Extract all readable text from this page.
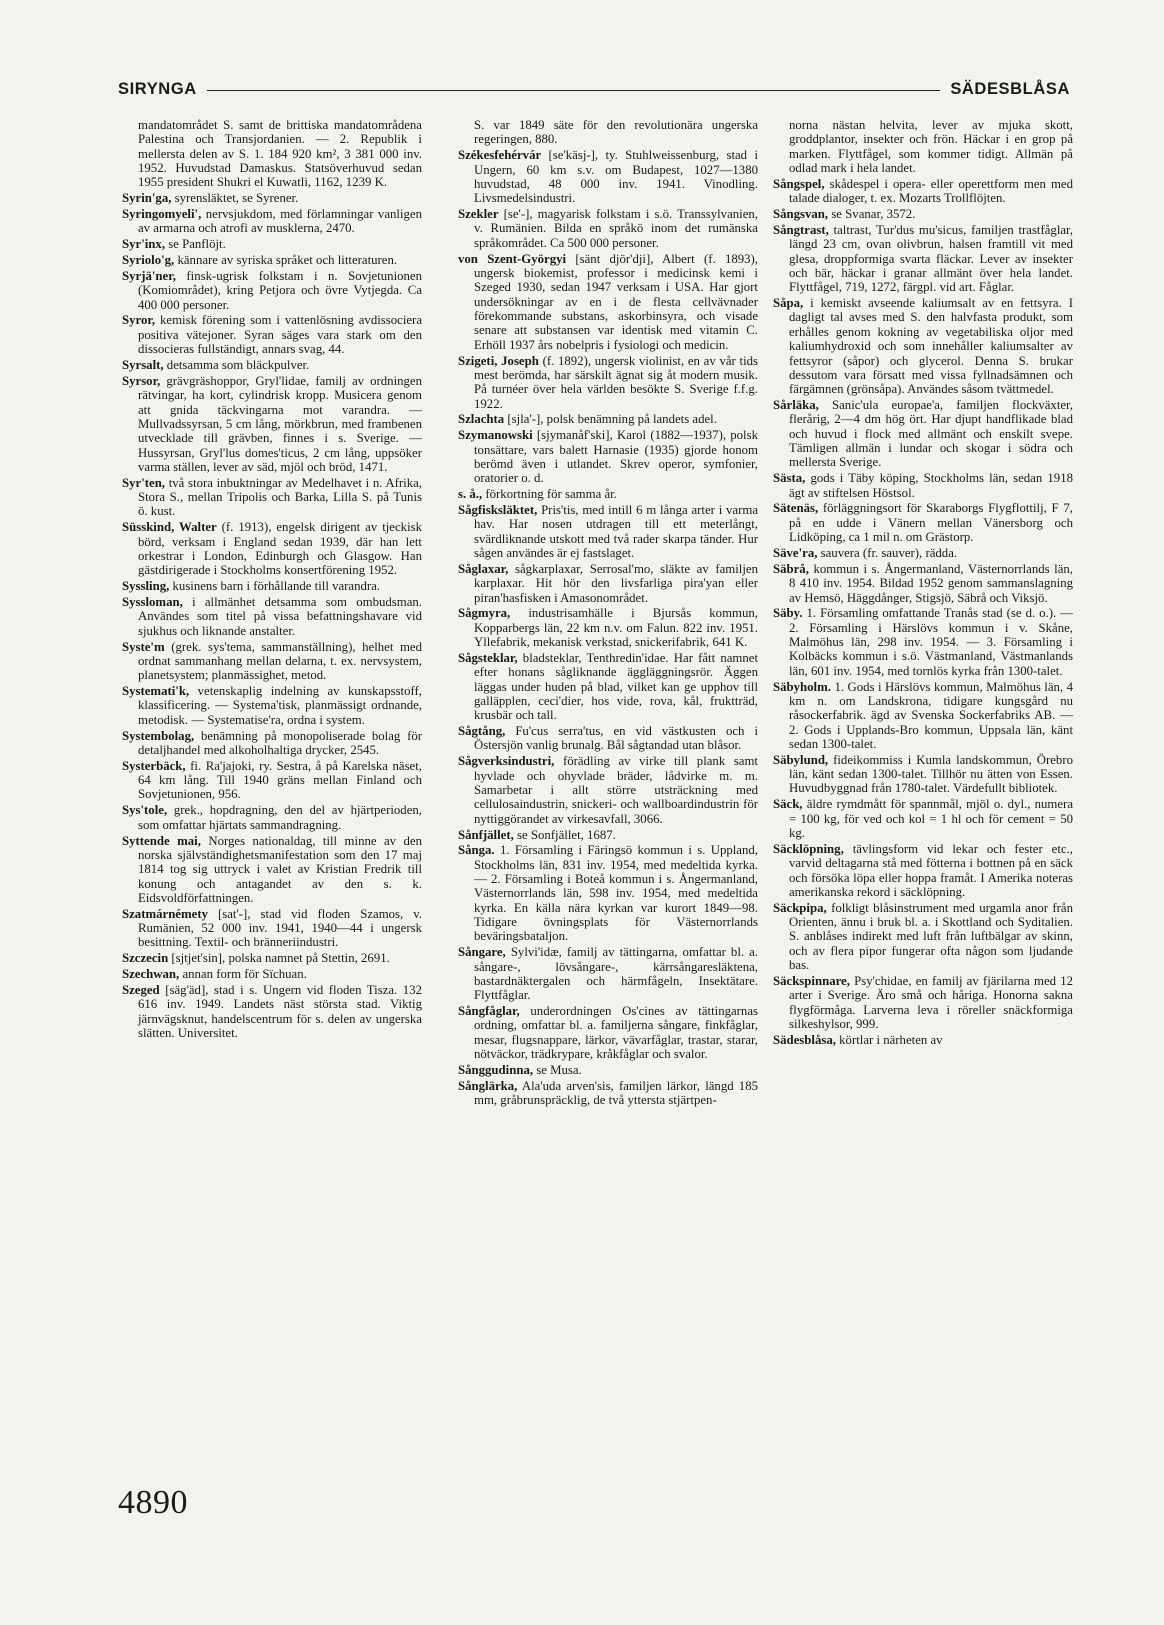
SIRYNGA	SÄDESBLÅSA

mandatområdet S. samt de brittiska mandatområdena Palestina och Transjordanien. — 2. Republik i mellersta delen av S. 1. 184 920 km², 3 381 000 inv. 1952. Huvudstad Damaskus. Statsöverhuvud sedan 1955 president Shukri el Kuwatli, 1162, 1239 K.

Syrin'ga, syrensläktet, se Syrener.

Syringomyeli', nervsjukdom, med förlamningar vanligen av armarna och atrofi av musklerna, 2470.

Syr'inx, se Panflöjt.

Syriolo'g, kännare av syriska språket och litteraturen.

Syrjä'ner, finsk-ugrisk folkstam i n. Sovjetunionen (Komiområdet), kring Petjora och övre Vytjegda. Ca 400 000 personer.

Syror, kemisk förening som i vattenlösning avdissociera positiva vätejoner. Syran säges vara stark om den dissocieras fullständigt, annars svag, 44.

Syrsalt, detsamma som bläckpulver.

Syrsor, grävgräshoppor, Gryl'lidae, familj av ordningen rätvingar, ha kort, cylindrisk kropp. Musicera genom att gnida täckvingarna mot varandra. — Mullvadssyrsan, 5 cm lång, mörkbrun, med frambenen utvecklade till grävben, finnes i s. Sverige. — Hussyrsan, Gryl'lus domes'ticus, 2 cm lång, uppsöker varma ställen, lever av säd, mjöl och bröd, 1471.

Syr'ten, två stora inbuktningar av Medelhavet i n. Afrika, Stora S., mellan Tripolis och Barka, Lilla S. på Tunis ö. kust.

Süsskind, Walter (f. 1913), engelsk dirigent av tjeckisk börd, verksam i England sedan 1939, där han lett orkestrar i London, Edinburgh och Glasgow. Han gästdirigerade i Stockholms konsertförening 1952.

Syssling, kusinens barn i förhållande till varandra.

Syssloman, i allmänhet detsamma som ombudsman. Användes som titel på vissa befattningshavare vid sjukhus och liknande anstalter.

Syste'm (grek. sys'tema, sammanställning), helhet med ordnat sammanhang mellan delarna, t. ex. nervsystem, planetsystem; planmässighet, metod.

Systemati'k, vetenskaplig indelning av kunskapsstoff, klassificering. — Systema'tisk, planmässigt ordnande, metodisk. — Systematise'ra, ordna i system.

Systembolag, benämning på monopoliserade bolag för detaljhandel med alkoholhaltiga drycker, 2545.

Systerbäck, fi. Ra'jajoki, ry. Sestra, å på Karelska näset, 64 km lång. Till 1940 gräns mellan Finland och Sovjetunionen, 956.

Sys'tole, grek., hopdragning, den del av hjärtperioden, som omfattar hjärtats sammandragning.

Syttende mai, Norges nationaldag, till minne av den norska självständighetsmanifestation som den 17 maj 1814 tog sig uttryck i valet av Kristian Fredrik till konung och antagandet av den s. k. Eidsvoldförfattningen.

Szatmárnémety [sat'-], stad vid floden Szamos, v. Rumänien, 52 000 inv. 1941, 1940—44 i ungersk besittning. Textil- och bränneriindustri.

Szczecin [sjtjet'sin], polska namnet på Stettin, 2691.

Szechwan, annan form för Sïchuan.

Szeged [säg'äd], stad i s. Ungern vid floden Tisza. 132 616 inv. 1949. Landets näst största stad. Viktig järnvägsknut, handelscentrum för s. delen av ungerska slätten. Universitet.

S. var 1849 säte för den revolutionära ungerska regeringen, 880.

Székesfehérvár [se'käsj-], ty. Stuhlweissenburg, stad i Ungern, 60 km s.v. om Budapest, 1027—1380 huvudstad, 48 000 inv. 1941. Vinodling. Livsmedelsindustri.

Szekler [se'-], magyarisk folkstam i s.ö. Transsylvanien, v. Rumänien. Bilda en språkö inom det rumänska språkområdet. Ca 500 000 personer.

von Szent-Györgyi [sänt djör'dji], Albert (f. 1893), ungersk biokemist, professor i medicinsk kemi i Szeged 1930, sedan 1947 verksam i USA. Har gjort undersökningar av en i de flesta cellvävnader förekommande substans, askorbinsyra, och visade senare att substansen var identisk med vitamin C. Erhöll 1937 års nobelpris i fysiologi och medicin.

Szigeti, Joseph (f. 1892), ungersk violinist, en av vår tids mest berömda, har särskilt ägnat sig åt modern musik. På turnéer över hela världen besökte S. Sverige f.f.g. 1922.

Szlachta [sjla'-], polsk benämning på landets adel.

Szymanowski [sjymanåf'ski], Karol (1882—1937), polsk tonsättare, vars balett Harnasie (1935) gjorde honom berömd även i utlandet. Skrev operor, symfonier, oratorier o. d.

s. å., förkortning för samma år.

Sågfisksläktet, Pris'tis, med intill 6 m långa arter i varma hav. Har nosen utdragen till ett meterlångt, svärdliknande utskott med två rader skarpa tänder. Hur sågen användes är ej fastslaget.

Såglaxar, sågkarplaxar, Serrosal'mo, släkte av familjen karplaxar. Hit hör den livsfarliga pira'yan eller piran'hasfisken i Amasonområdet.

Sågmyra, industrisamhälle i Bjursås kommun, Kopparbergs län, 22 km n.v. om Falun. 822 inv. 1951. Yllefabrik, mekanisk verkstad, snickerifabrik, 641 K.

Sågsteklar, bladsteklar, Tenthredin'idae. Har fått namnet efter honans sågliknande äggläggningsrör. Äggen läggas under huden på blad, vilket kan ge upphov till galläpplen, ceci'dier, hos vide, rova, kål, fruktträd, krusbär och tall.

Sågtång, Fu'cus serra'tus, en vid västkusten och i Östersjön vanlig brunalg. Bål sågtandad utan blåsor.

Sågverksindustri, förädling av virke till plank samt hyvlade och ohyvlade bräder, lådvirke m. m. Samarbetar i allt större utsträckning med cellulosaindustrin, snickeri- och wallboardindustrin för nyttiggörandet av virkesavfall, 3066.

Sånfjället, se Sonfjället, 1687.

Sånga. 1. Församling i Färingsö kommun i s. Uppland, Stockholms län, 831 inv. 1954, med medeltida kyrka. — 2. Församling i Boteå kommun i s. Ångermanland, Västernorrlands län, 598 inv. 1954, med medeltida kyrka. En källa nära kyrkan var kurort 1849—98. Tidigare övningsplats för Västernorrlands beväringsbataljon.

Sångare, Sylvi'idæ, familj av tättingarna, omfattar bl. a. sångare-, lövsångare-, kärrsångaresläktena, bastardnäktergalen och härmfågeln, Insektätare. Flyttfåglar.

Sångfåglar, underordningen Os'cines av tättingarnas ordning, omfattar bl. a. familjerna sångare, finkfåglar, mesar, flugsnappare, lärkor, vävarfåglar, trastar, starar, nötväckor, trädkrypare, kråkfåglar och svalor.

Sånggudinna, se Musa.

Sånglärka, Ala'uda arven'sis, familjen lärkor, längd 185 mm, gråbrunspräcklig, de två yttersta stjärtpen-

norna nästan helvita, lever av mjuka skott, groddplantor, insekter och frön. Häckar i en grop på marken. Flyttfågel, som kommer tidigt. Allmän på odlad mark i hela landet.

Sångspel, skådespel i opera- eller operettform men med talade dialoger, t. ex. Mozarts Trollflöjten.

Sångsvan, se Svanar, 3572.

Sångtrast, taltrast, Tur'dus mu'sicus, familjen trastfåglar, längd 23 cm, ovan olivbrun, halsen framtill vit med glesa, droppformiga svarta fläckar. Lever av insekter och bär, häckar i granar allmänt över hela landet. Flyttfågel, 719, 1272, färgpl. vid art. Fåglar.

Såpa, i kemiskt avseende kaliumsalt av en fettsyra. I dagligt tal avses med S. den halvfasta produkt, som erhålles genom kokning av vegetabiliska oljor med kaliumhydroxid och som innehåller kaliumsalter av fettsyror (såpor) och glycerol. Denna S. brukar dessutom vara försatt med vissa fyllnadsämnen och färgämnen (grönsåpa). Användes såsom tvättmedel.

Sårläka, Sanic'ula europae'a, familjen flockväxter, flerårig, 2—4 dm hög ört. Har djupt handflikade blad och huvud i flock med allmänt och enskilt svepe. Tämligen allmän i lundar och skogar i södra och mellersta Sverige.

Sästa, gods i Täby köping, Stockholms län, sedan 1918 ägt av stiftelsen Höstsol.

Sätenäs, förläggningsort för Skaraborgs Flygflottilj, F 7, på en udde i Vänern mellan Vänersborg och Lidköping, ca 1 mil n. om Grästorp.

Säve'ra, sauvera (fr. sauver), rädda.

Säbrå, kommun i s. Ångermanland, Västernorrlands län, 8 410 inv. 1954. Bildad 1952 genom sammanslagning av Hemsö, Häggdånger, Stigsjö, Säbrå och Viksjö.

Säby. 1. Församling omfattande Tranås stad (se d. o.). — 2. Församling i Härslövs kommun i v. Skåne, Malmöhus län, 298 inv. 1954. — 3. Församling i Kolbäcks kommun i s.ö. Västmanland, Västmanlands län, 601 inv. 1954, med tornlös kyrka från 1300-talet.

Säbyholm. 1. Gods i Härslövs kommun, Malmöhus län, 4 km n. om Landskrona, tidigare kungsgård nu råsockerfabrik. ägd av Svenska Sockerfabriks AB. — 2. Gods i Upplands-Bro kommun, Uppsala län, känt sedan 1300-talet.

Säbylund, fideikommiss i Kumla landskommun, Örebro län, känt sedan 1300-talet. Tillhör nu ätten von Essen. Huvudbyggnad från 1780-talet. Värdefullt bibliotek.

Säck, äldre rymdmått för spannmål, mjöl o. dyl., numera = 100 kg, för ved och kol = 1 hl och för cement = 50 kg.

Säcklöpning, tävlingsform vid lekar och fester etc., varvid deltagarna stå med fötterna i bottnen på en säck och försöka löpa eller hoppa framåt. I Amerika noteras amerikanska rekord i säcklöpning.

Säckpipa, folkligt blåsinstrument med urgamla anor från Orienten, ännu i bruk bl. a. i Skottland och Syditalien. S. anblåses indirekt med luft från luftbälgar av skinn, och av flera pipor fungerar ofta någon som ljudande bas.

Säckspinnare, Psy'chidae, en familj av fjärilarna med 12 arter i Sverige. Äro små och håriga. Honorna sakna flygförmåga. Larverna leva i röreller snäckformiga silkeshylsor, 999.

Sädesblåsa, körtlar i närheten av

4890
